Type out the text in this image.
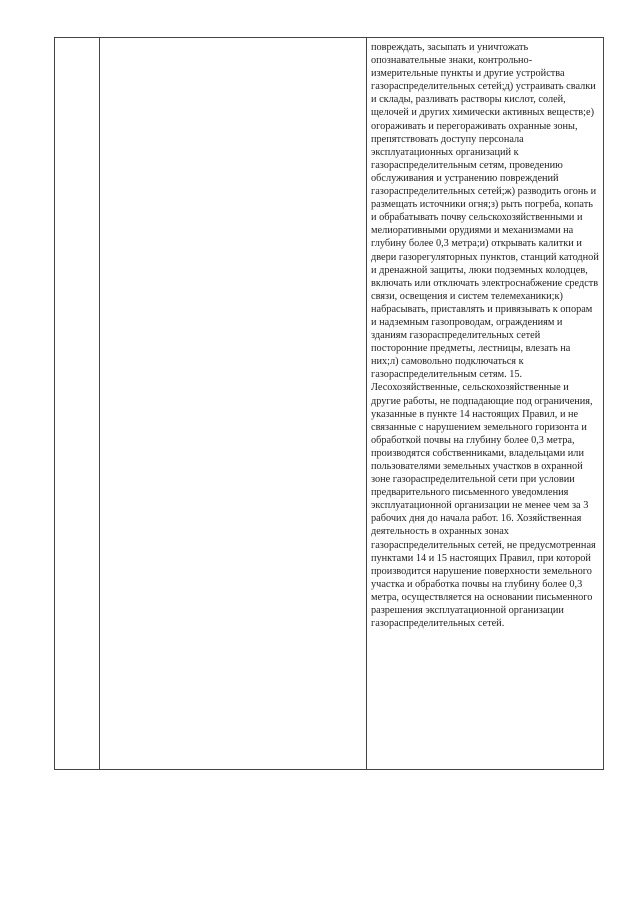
повреждать, засыпать и уничтожать опознавательные знаки, контрольно-измерительные пункты и другие устройства газораспределительных сетей;д) устраивать свалки и склады, разливать растворы кислот, солей, щелочей и других химически активных веществ;е) огораживать и перегораживать охранные зоны, препятствовать доступу персонала эксплуатационных организаций к газораспределительным сетям, проведению обслуживания и устранению повреждений газораспределительных сетей;ж) разводить огонь и размещать источники огня;з) рыть погреба, копать и обрабатывать почву сельскохозяйственными и мелиоративными орудиями и механизмами на глубину более 0,3 метра;и) открывать калитки и двери газорегуляторных пунктов, станций катодной и дренажной защиты, люки подземных колодцев, включать или отключать электроснабжение средств связи, освещения и систем телемеханики;к) набрасывать, приставлять и привязывать к опорам и надземным газопроводам, ограждениям и зданиям газораспределительных сетей посторонние предметы, лестницы, влезать на них;л) самовольно подключаться к газораспределительным сетям. 15. Лесохозяйственные, сельскохозяйственные и другие работы, не подпадающие под ограничения, указанные в пункте 14 настоящих Правил, и не связанные с нарушением земельного горизонта и обработкой почвы на глубину более 0,3 метра, производятся собственниками, владельцами или пользователями земельных участков в охранной зоне газораспределительной сети при условии предварительного письменного уведомления эксплуатационной организации не менее чем за 3 рабочих дня до начала работ. 16. Хозяйственная деятельность в охранных зонах газораспределительных сетей, не предусмотренная пунктами 14 и 15 настоящих Правил, при которой производится нарушение поверхности земельного участка и обработка почвы на глубину более 0,3 метра, осуществляется на основании письменного разрешения эксплуатационной организации газораспределительных сетей.
